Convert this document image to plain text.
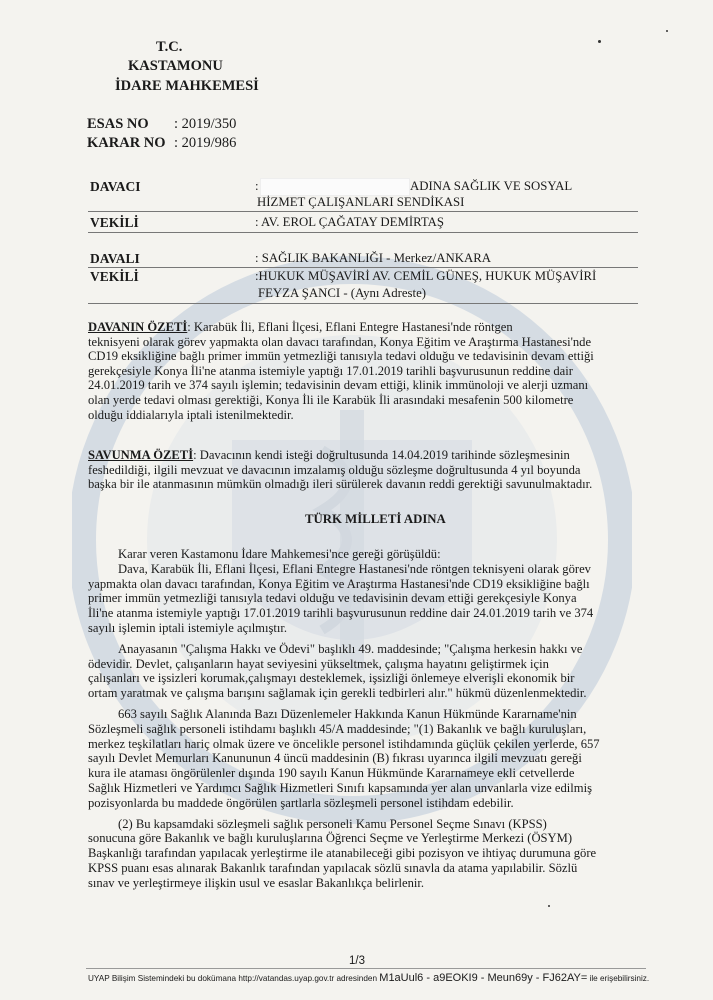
T.C.
KASTAMONU
İDARE MAHKEMESİ
ESAS NO : 2019/350
KARAR NO : 2019/986
DAVACI	:	ADINA SAĞLIK VE SOSYAL
HİZMET ÇALIŞANLARI SENDİKASI
VEKİLİ	: AV. EROL ÇAĞATAY DEMİRTAŞ
DAVALI	: SAĞLIK BAKANLIĞI - Merkez/ANKARA
VEKİLİ	:HUKUK MÜŞAVİRİ AV. CEMİL GÜNEŞ, HUKUK MÜŞAVİRİ
FEYZA ŞANCI - (Aynı Adreste)
DAVANIN ÖZETİ: Karabük İli, Eflani İlçesi, Eflani Entegre Hastanesi'nde röntgen
teknisyeni olarak görev yapmakta olan davacı tarafından, Konya Eğitim ve Araştırma Hastanesi'nde
CD19 eksikliğine bağlı primer immün yetmezliği tanısıyla tedavi olduğu ve tedavisinin devam ettiği
gerekçesiyle Konya İli'ne atanma istemiyle yaptığı 17.01.2019 tarihli başvurusunun reddine dair
24.01.2019 tarih ve 374 sayılı işlemin; tedavisinin devam ettiği, klinik immünoloji ve alerji uzmanı
olan yerde tedavi olması gerektiği, Konya İli ile Karabük İli arasındaki mesafenin 500 kilometre
olduğu iddialarıyla iptali istenilmektedir.
SAVUNMA ÖZETİ: Davacının kendi isteği doğrultusunda 14.04.2019 tarihinde sözleşmesinin
feshedildiği, ilgili mevzuat ve davacının imzalamış olduğu sözleşme doğrultusunda 4 yıl boyunda
başka bir ile atanmasının mümkün olmadığı ileri sürülerek davanın reddi gerektiği savunulmaktadır.
TÜRK MİLLETİ ADINA
Karar veren Kastamonu İdare Mahkemesi'nce gereği görüşüldü:
Dava, Karabük İli, Eflani İlçesi, Eflani Entegre Hastanesi'nde röntgen teknisyeni olarak görev
yapmakta olan davacı tarafından, Konya Eğitim ve Araştırma Hastanesi'nde CD19 eksikliğine bağlı
primer immün yetmezliği tanısıyla tedavi olduğu ve tedavisinin devam ettiği gerekçesiyle Konya
İli'ne atanma istemiyle yaptığı 17.01.2019 tarihli başvurusunun reddine dair 24.01.2019 tarih ve 374
sayılı işlemin iptali istemiyle açılmıştır.
Anayasanın "Çalışma Hakkı ve Ödevi" başlıklı 49. maddesinde; "Çalışma herkesin hakkı ve
ödevidir. Devlet, çalışanların hayat seviyesini yükseltmek, çalışma hayatını geliştirmek için
çalışanları ve işsizleri korumak,çalışmayı desteklemek, işsizliği önlemeye elverişli ekonomik bir
ortam yaratmak ve çalışma barışını sağlamak için gerekli tedbirleri alır." hükmü düzenlenmektedir.
663 sayılı Sağlık Alanında Bazı Düzenlemeler Hakkında Kanun Hükmünde Kararname'nin
Sözleşmeli sağlık personeli istihdamı başlıklı 45/A maddesinde; "(1) Bakanlık ve bağlı kuruluşları,
merkez teşkilatları hariç olmak üzere ve öncelikle personel istihdamında güçlük çekilen yerlerde, 657
sayılı Devlet Memurları Kanununun 4 üncü maddesinin (B) fıkrası uyarınca ilgili mevzuatı gereği
kura ile ataması öngörülenler dışında 190 sayılı Kanun Hükmünde Kararnameye ekli cetvellerde
Sağlık Hizmetleri ve Yardımcı Sağlık Hizmetleri Sınıfı kapsamında yer alan unvanlarla vize edilmiş
pozisyonlarda bu maddede öngörülen şartlarla sözleşmeli personel istihdam edebilir.
(2) Bu kapsamdaki sözleşmeli sağlık personeli Kamu Personel Seçme Sınavı (KPSS)
sonucuna göre Bakanlık ve bağlı kuruluşlarına Öğrenci Seçme ve Yerleştirme Merkezi (ÖSYM)
Başkanlığı tarafından yapılacak yerleştirme ile atanabileceği gibi pozisyon ve ihtiyaç durumuna göre
KPSS puanı esas alınarak Bakanlık tarafından yapılacak sözlü sınavla da atama yapılabilir. Sözlü
sınav ve yerleştirmeye ilişkin usul ve esaslar Bakanlıkça belirlenir.
1/3
UYAP Bilişim Sistemindeki bu dokümana http://vatandas.uyap.gov.tr adresinden M1aUul6 - a9EOKI9 - Meun69y - FJ62AY= ile erişebilirsiniz.
